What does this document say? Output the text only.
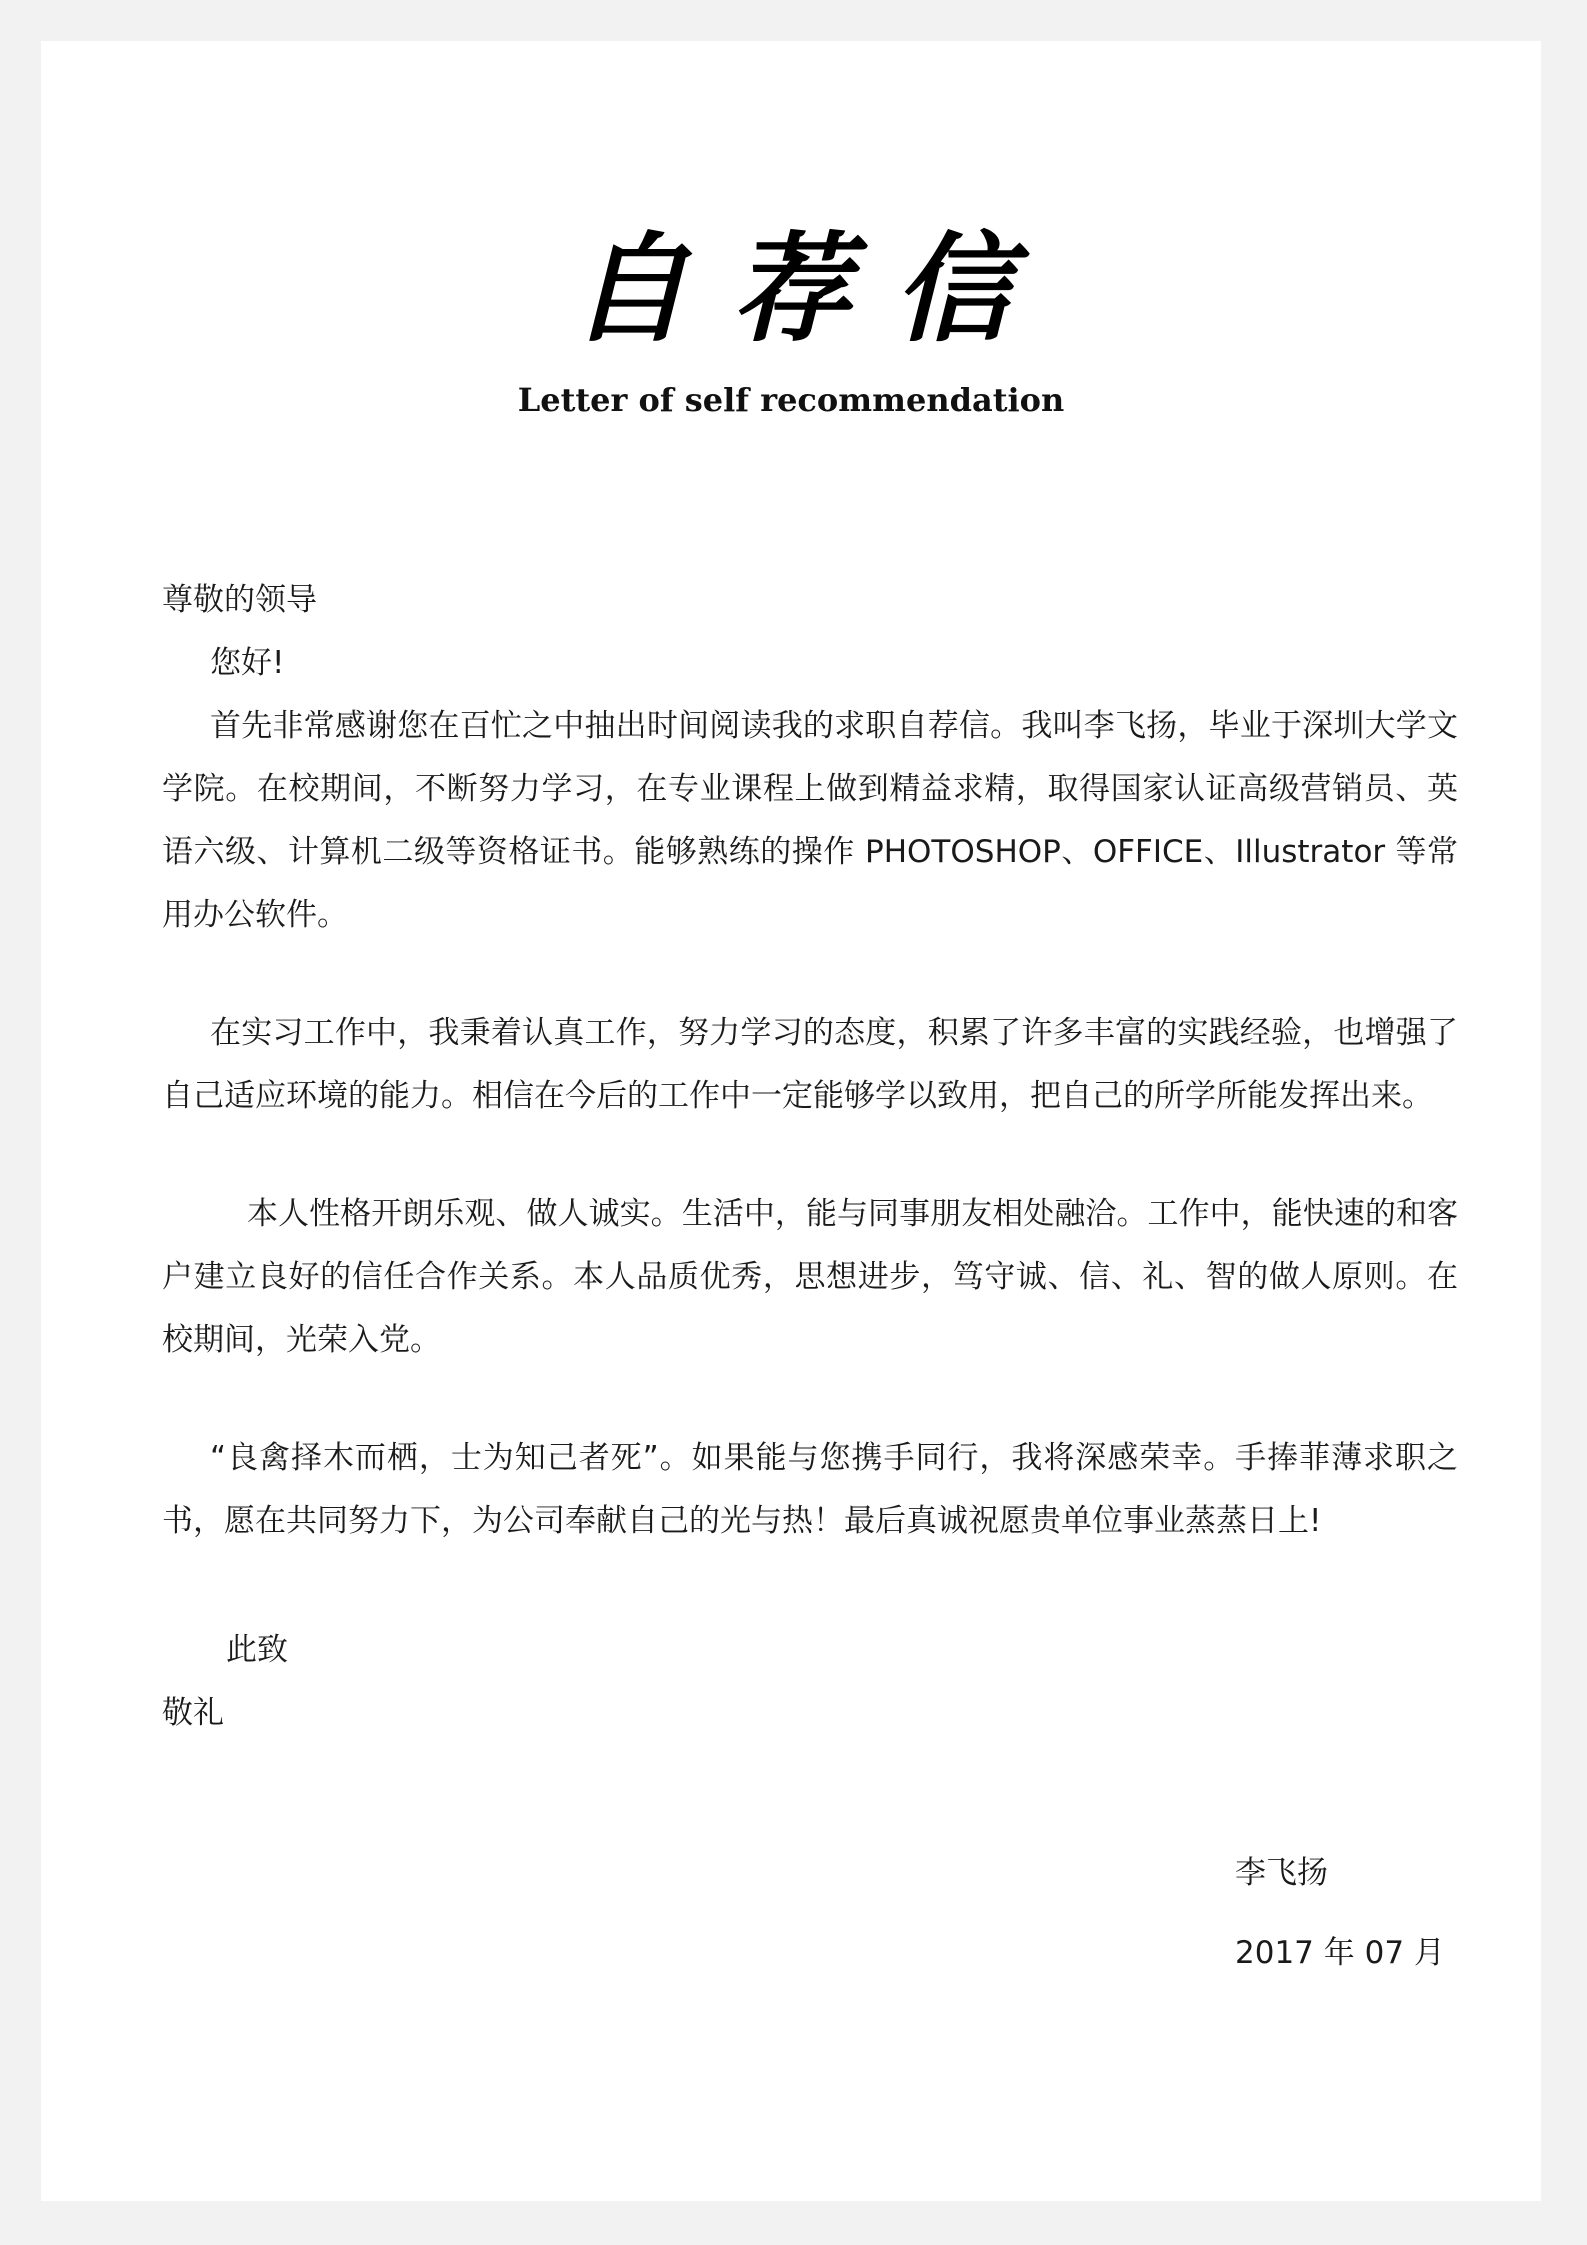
自荐信
Letter of self recommendation

尊敬的领导

您好!

首先非常感谢您在百忙之中抽出时间阅读我的求职自荐信。我叫李飞扬，毕业于深圳大学文学院。在校期间，不断努力学习，在专业课程上做到精益求精，取得国家认证高级营销员、英语六级、计算机二级等资格证书。能够熟练的操作 PHOTOSHOP、OFFICE、Illustrator 等常用办公软件。

在实习工作中，我秉着认真工作，努力学习的态度，积累了许多丰富的实践经验，也增强了自己适应环境的能力。相信在今后的工作中一定能够学以致用，把自己的所学所能发挥出来。

本人性格开朗乐观、做人诚实。生活中，能与同事朋友相处融洽。工作中，能快速的和客户建立良好的信任合作关系。本人品质优秀，思想进步，笃守诚、信、礼、智的做人原则。在校期间，光荣入党。

“良禽择木而栖，士为知己者死”。如果能与您携手同行，我将深感荣幸。手捧菲薄求职之书，愿在共同努力下，为公司奉献自己的光与热！最后真诚祝愿贵单位事业蒸蒸日上!

此致

敬礼

李飞扬
2017 年 07 月
